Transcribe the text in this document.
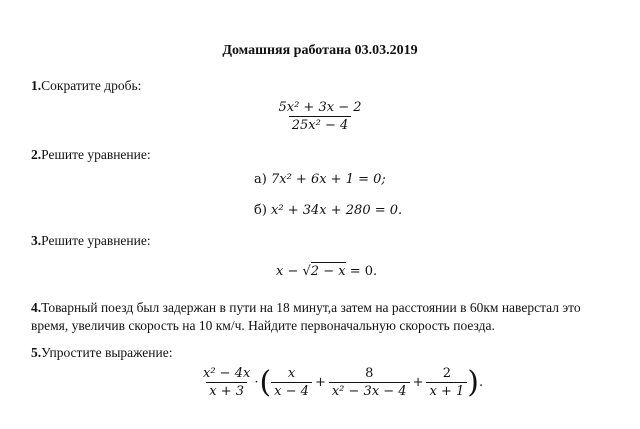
Домашняя работана 03.03.2019
1.Сократите дробь:
$\frac{\text{5x² + 3x − 2}}{\text{25x² − 4}}$
2.Решите уравнение:
а) 7x² + 6x + 1 = 0;
б) x² + 34x + 280 = 0.
3.Решите уравнение:
x − √2 − x = 0.
4.Товарный поезд был задержан в пути на 18 минут,а затем на расстоянии в 60км наверстал это
время, увеличив скорость на 10 км/ч. Найдите первоначальную скорость поезда.
5.Упростите выражение:
$\frac{\text{x² − 4x}}{x + 3}$ · ( $\frac{x}{x - 4} + \frac{8}{\text{x² − 3x − 4}} + \frac{2}{x + 1}$ ) .
